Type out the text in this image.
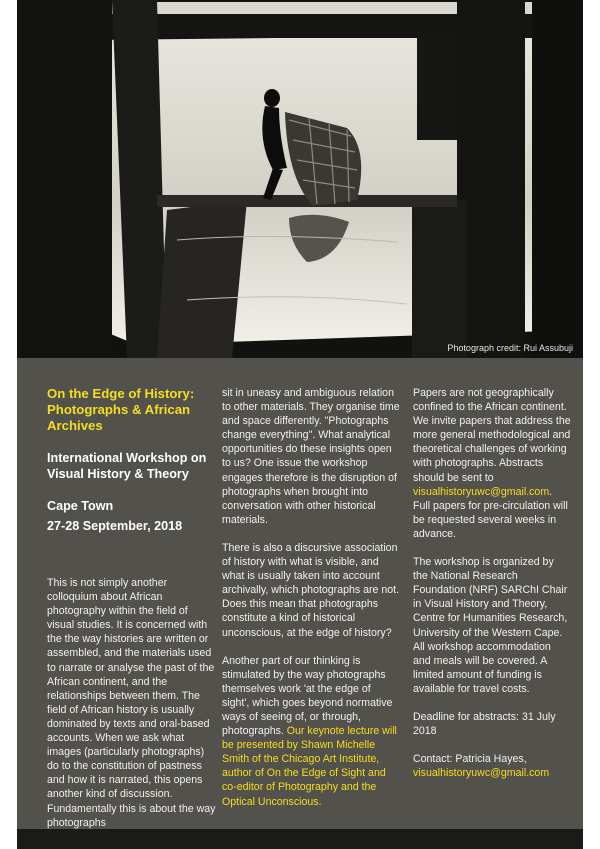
Photograph credit: Rui Assubuji
On the Edge of History: Photographs & African Archives
International Workshop on Visual History & Theory
Cape Town
27-28 September, 2018

This is not simply another colloquium about African photography within the field of visual studies. It is concerned with the the way histories are written or assembled, and the materials used to narrate or analyse the past of the African continent, and the relationships between them. The field of African history is usually dominated by texts and oral-based accounts. When we ask what images (particularly photographs) do to the constitution of pastness and how it is narrated, this opens another kind of discussion. Fundamentally this is about the way photographs

sit in uneasy and ambiguous relation to other materials. They organise time and space differently. "Photographs change everything". What analytical opportunities do these insights open to us? One issue the workshop engages therefore is the disruption of photographs when brought into conversation with other historical materials.

There is also a discursive association of history with what is visible, and what is usually taken into account archivally, which photographs are not. Does this mean that photographs constitute a kind of historical unconscious, at the edge of history?

Another part of our thinking is stimulated by the way photographs themselves work 'at the edge of sight', which goes beyond normative ways of seeing of, or through, photographs. Our keynote lecture will be presented by Shawn Michelle Smith of the Chicago Art Institute, author of On the Edge of Sight and co-editor of Photography and the Optical Unconscious.

Papers are not geographically confined to the African continent. We invite papers that address the more general methodological and theoretical challenges of working with photographs. Abstracts should be sent to visualhistoryuwc@gmail.com. Full papers for pre-circulation will be requested several weeks in advance.

The workshop is organized by the National Research Foundation (NRF) SARChI Chair in Visual History and Theory, Centre for Humanities Research, University of the Western Cape. All workshop accommodation and meals will be covered. A limited amount of funding is available for travel costs.

Deadline for abstracts: 31 July 2018

Contact: Patricia Hayes,

visualhistoryuwc@gmail.com
